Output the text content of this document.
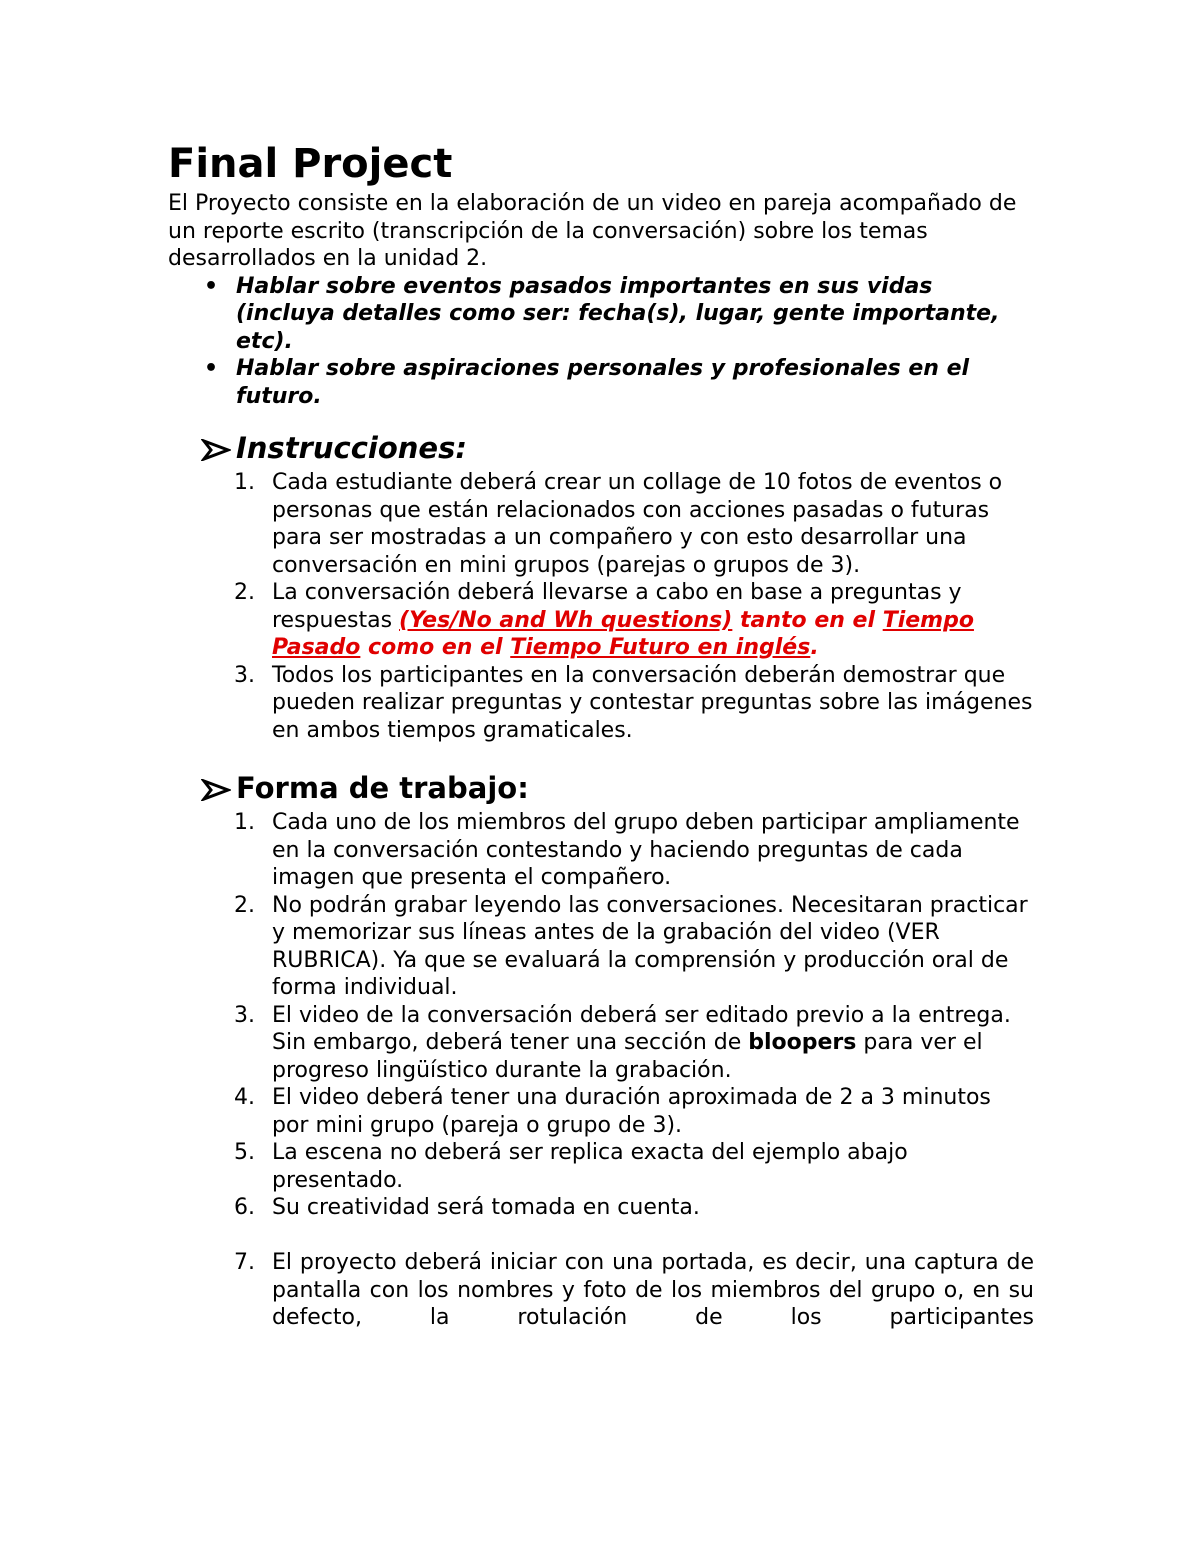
Final Project

El Proyecto consiste en la elaboración de un video en pareja acompañado de un reporte escrito (transcripción de la conversación) sobre los temas desarrollados en la unidad 2.

• Hablar sobre eventos pasados importantes en sus vidas (incluya detalles como ser: fecha(s), lugar, gente importante, etc).
• Hablar sobre aspiraciones personales y profesionales en el futuro.
Instrucciones:
1. Cada estudiante deberá crear un collage de 10 fotos de eventos o personas que están relacionados con acciones pasadas o futuras para ser mostradas a un compañero y con esto desarrollar una conversación en mini grupos (parejas o grupos de 3).
2. La conversación deberá llevarse a cabo en base a preguntas y respuestas (Yes/No and Wh questions) tanto en el Tiempo Pasado como en el Tiempo Futuro en inglés.
3. Todos los participantes en la conversación deberán demostrar que pueden realizar preguntas y contestar preguntas sobre las imágenes en ambos tiempos gramaticales.
Forma de trabajo:
1. Cada uno de los miembros del grupo deben participar ampliamente en la conversación contestando y haciendo preguntas de cada imagen que presenta el compañero.
2. No podrán grabar leyendo las conversaciones. Necesitaran practicar y memorizar sus líneas antes de la grabación del video (VER RUBRICA). Ya que se evaluará la comprensión y producción oral de forma individual.
3. El video de la conversación deberá ser editado previo a la entrega. Sin embargo, deberá tener una sección de bloopers para ver el progreso lingüístico durante la grabación.
4. El video deberá tener una duración aproximada de 2 a 3 minutos por mini grupo (pareja o grupo de 3).
5. La escena no deberá ser replica exacta del ejemplo abajo presentado.
6. Su creatividad será tomada en cuenta.
7. El proyecto deberá iniciar con una portada, es decir, una captura de pantalla con los nombres y foto de los miembros del grupo o, en su defecto, la rotulación de los participantes
